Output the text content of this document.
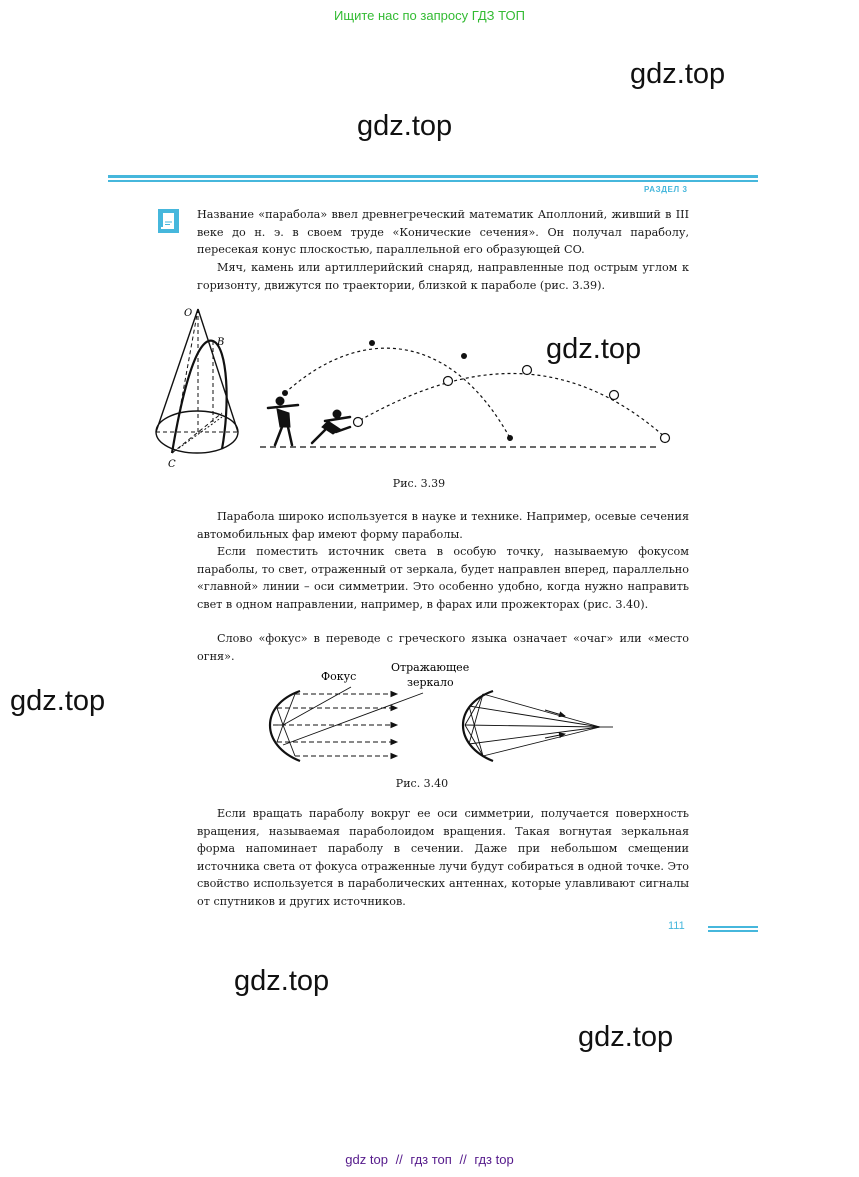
Ищите нас по запросу ГДЗ ТОП
gdz.top
gdz.top
gdz.top
gdz.top
gdz.top
gdz.top
РАЗДЕЛ 3

Название «парабола» ввел древнегреческий математик Аполлоний, живший в III веке до н. э. в своем труде «Конические сечения». Он получал параболу, пересекая конус плоскостью, параллельной его образующей CO.

Мяч, камень или артиллерийский снаряд, направленные под острым углом к горизонту, движутся по траектории, близкой к параболе (рис. 3.39).

O
B
C
Рис. 3.39

Парабола широко используется в науке и технике. Например, осевые сечения автомобильных фар имеют форму параболы.

Если поместить источник света в особую точку, называемую фокусом параболы, то свет, отраженный от зеркала, будет направлен вперед, параллельно «главной» линии – оси симметрии. Это особенно удобно, когда нужно направить свет в одном направлении, например, в фарах или прожекторах (рис. 3.40).

Слово «фокус» в переводе с греческого языка означает «очаг» или «место огня».

Фокус
Отражающее
зеркало
Рис. 3.40

Если вращать параболу вокруг ее оси симметрии, получается поверхность вращения, называемая параболоидом вращения. Такая вогнутая зеркальная форма напоминает параболу в сечении. Даже при небольшом смещении источника света от фокуса отраженные лучи будут собираться в одной точке. Это свойство используется в параболических антеннах, которые улавливают сигналы от спутников и других источников.

111
gdz top // гдз топ // гдз top
